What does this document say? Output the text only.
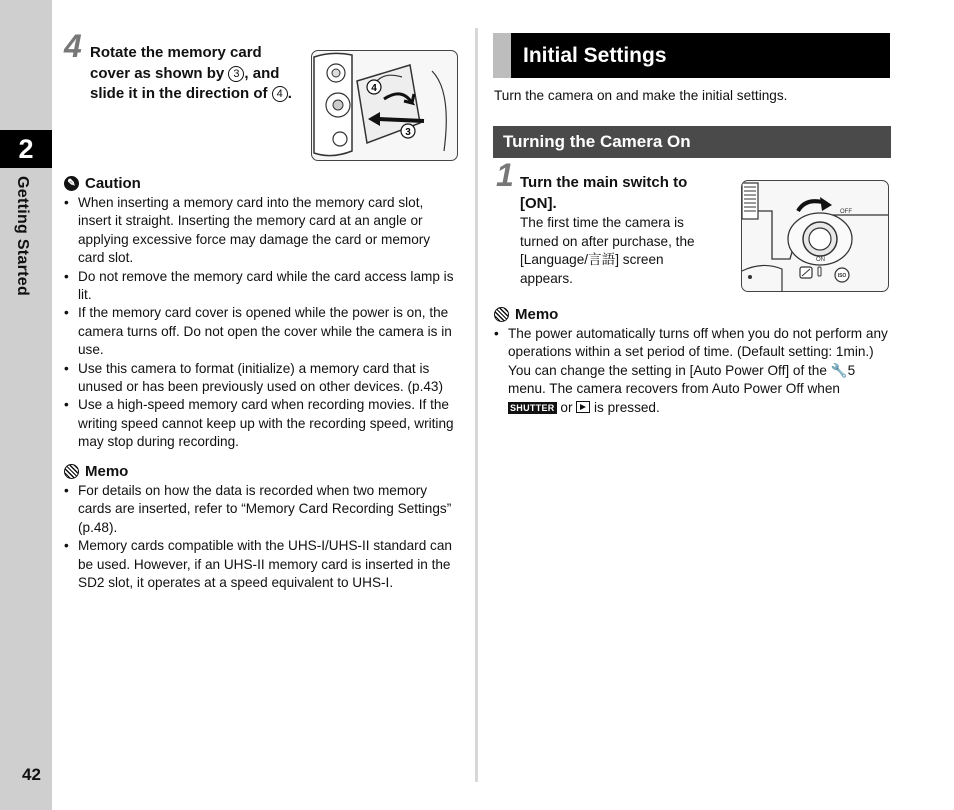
2
Getting Started
42
4 Rotate the memory card cover as shown by 3 , and slide it in the direction of 4 .	4
3
✎ Caution
• When inserting a memory card into the memory card slot, insert it straight. Inserting the memory card at an angle or applying excessive force may damage the card or memory card slot.
• Do not remove the memory card while the card access lamp is lit.
• If the memory card cover is opened while the power is on, the camera turns off. Do not open the cover while the camera is in use.
• Use this camera to format (initialize) a memory card that is unused or has been previously used on other devices. (p.43)
• Use a high-speed memory card when recording movies. If the writing speed cannot keep up with the recording speed, writing may stop during recording.
Memo
• For details on how the data is recorded when two memory cards are inserted, refer to “Memory Card Recording Settings” (p.48).
• Memory cards compatible with the UHS-I/UHS-II standard can be used. However, if an UHS-II memory card is inserted in the SD2 slot, it operates at a speed equivalent to UHS-I.
Initial Settings
Turn the camera on and make the initial settings.
Turning the Camera On
1 Turn the main switch to [ON].
The first time the camera is turned on after purchase, the [Language/言語] screen appears.
OFF
ON
ISO
Memo
• The power automatically turns off when you do not perform any operations within a set period of time. (Default setting: 1min.) You can change the setting in [Auto Power Off] of the 🔧5 menu. The camera recovers from Auto Power Off when SHUTTER or  is pressed.
